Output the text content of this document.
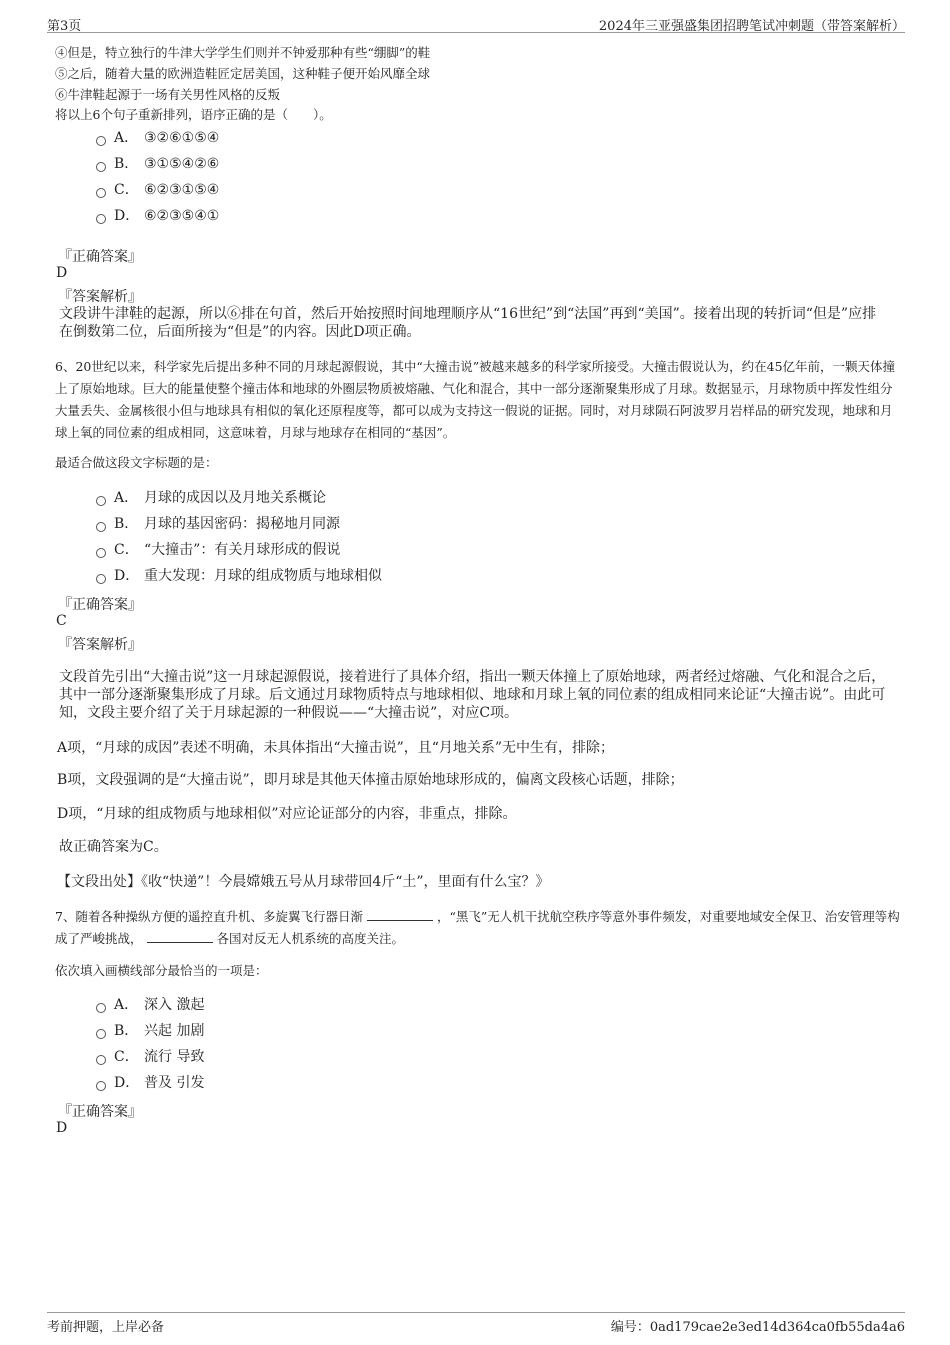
第3页	2024年三亚强盛集团招聘笔试冲刺题（带答案解析）
④但是，特立独行的牛津大学学生们则并不钟爱那种有些“绷脚”的鞋
⑤之后，随着大量的欧洲造鞋匠定居美国，这种鞋子便开始风靡全球
⑥牛津鞋起源于一场有关男性风格的反叛
将以上6个句子重新排列，语序正确的是（　　）。
A． ③②⑥①⑤④
B． ③①⑤④②⑥
C． ⑥②③①⑤④
D． ⑥②③⑤④①
『正确答案』
D
『答案解析』
文段讲牛津鞋的起源，所以⑥排在句首，然后开始按照时间地理顺序从“16世纪”到“法国”再到“美国”。接着出现的转折词“但是”应排在倒数第二位，后面所接为“但是”的内容。因此D项正确。
6、20世纪以来，科学家先后提出多种不同的月球起源假说，其中“大撞击说”被越来越多的科学家所接受。大撞击假说认为，约在45亿年前，一颗天体撞上了原始地球。巨大的能量使整个撞击体和地球的外圈层物质被熔融、气化和混合，其中一部分逐渐聚集形成了月球。数据显示，月球物质中挥发性组分大量丢失、金属核很小但与地球具有相似的氧化还原程度等，都可以成为支持这一假说的证据。同时，对月球陨石阿波罗月岩样品的研究发现，地球和月球上氧的同位素的组成相同，这意味着，月球与地球存在相同的“基因”。
最适合做这段文字标题的是：
A． 月球的成因以及月地关系概论
B． 月球的基因密码：揭秘地月同源
C． “大撞击”：有关月球形成的假说
D． 重大发现：月球的组成物质与地球相似
『正确答案』
C
『答案解析』
文段首先引出“大撞击说”这一月球起源假说，接着进行了具体介绍，指出一颗天体撞上了原始地球，两者经过熔融、气化和混合之后，其中一部分逐渐聚集形成了月球。后文通过月球物质特点与地球相似、地球和月球上氧的同位素的组成相同来论证“大撞击说”。由此可知，文段主要介绍了关于月球起源的一种假说——“大撞击说”，对应C项。
A项，“月球的成因”表述不明确，未具体指出“大撞击说”，且“月地关系”无中生有，排除；
B项，文段强调的是“大撞击说”，即月球是其他天体撞击原始地球形成的，偏离文段核心话题，排除；
D项，“月球的组成物质与地球相似”对应论证部分的内容，非重点，排除。
故正确答案为C。
【文段出处】《收“快递”！今晨嫦娥五号从月球带回4斤“土”，里面有什么宝？》
7、随着各种操纵方便的遥控直升机、多旋翼飞行器日渐	，“黑飞”无人机干扰航空秩序等意外事件频发，对重要地域安全保卫、治安管理等构成了严峻挑战，	各国对反无人机系统的高度关注。
依次填入画横线部分最恰当的一项是：
A． 深入 激起
B． 兴起 加剧
C． 流行 导致
D． 普及 引发
『正确答案』
D
考前押题，上岸必备	编号：0ad179cae2e3ed14d364ca0fb55da4a6
